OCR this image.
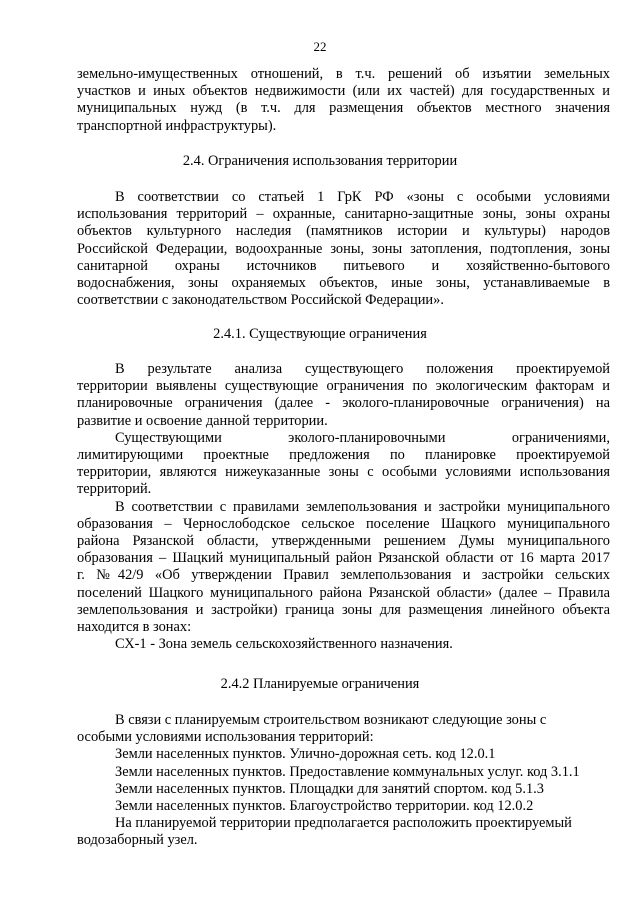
22

земельно-имущественных отношений, в т.ч. решений об изъятии земельных

участков и иных объектов недвижимости (или их частей) для государственных и

муниципальных нужд (в т.ч. для размещения объектов местного значения

транспортной инфраструктуры).

2.4. Ограничения использования территории

В соответствии со статьей 1 ГрК РФ «зоны с особыми условиями

использования территорий – охранные, санитарно-защитные зоны, зоны охраны

объектов культурного наследия (памятников истории и культуры) народов

Российской Федерации, водоохранные зоны, зоны затопления, подтопления, зоны

санитарной охраны источников питьевого и хозяйственно-бытового

водоснабжения, зоны охраняемых объектов, иные зоны, устанавливаемые в

соответствии с законодательством Российской Федерации».

2.4.1. Существующие ограничения

В результате анализа существующего положения проектируемой

территории выявлены существующие ограничения по экологическим факторам и

планировочные ограничения (далее - эколого-планировочные ограничения) на

развитие и освоение данной территории.

Существующими эколого-планировочными ограничениями,

лимитирующими проектные предложения по планировке проектируемой

территории, являются нижеуказанные зоны с особыми условиями использования

территорий.

В соответствии с правилами землепользования и застройки муниципального

образования – Чернослободское сельское поселение Шацкого муниципального

района Рязанской области, утвержденными решением Думы муниципального

образования – Шацкий муниципальный район Рязанской области от 16 марта 2017

г. №42/9 «Об утверждении Правил землепользования и застройки сельских

поселений Шацкого муниципального района Рязанской области» (далее – Правила

землепользования и застройки) граница зоны для размещения линейного объекта

находится в зонах:

СХ-1 - Зона земель сельскохозяйственного назначения.

2.4.2 Планируемые ограничения

В связи с планируемым строительством возникают следующие зоны с

особыми условиями использования территорий:

Земли населенных пунктов. Улично-дорожная сеть. код 12.0.1

Земли населенных пунктов. Предоставление коммунальных услуг. код 3.1.1

Земли населенных пунктов. Площадки для занятий спортом. код 5.1.3

Земли населенных пунктов. Благоустройство территории. код 12.0.2

На планируемой территории предполагается расположить проектируемый

водозаборный узел.
